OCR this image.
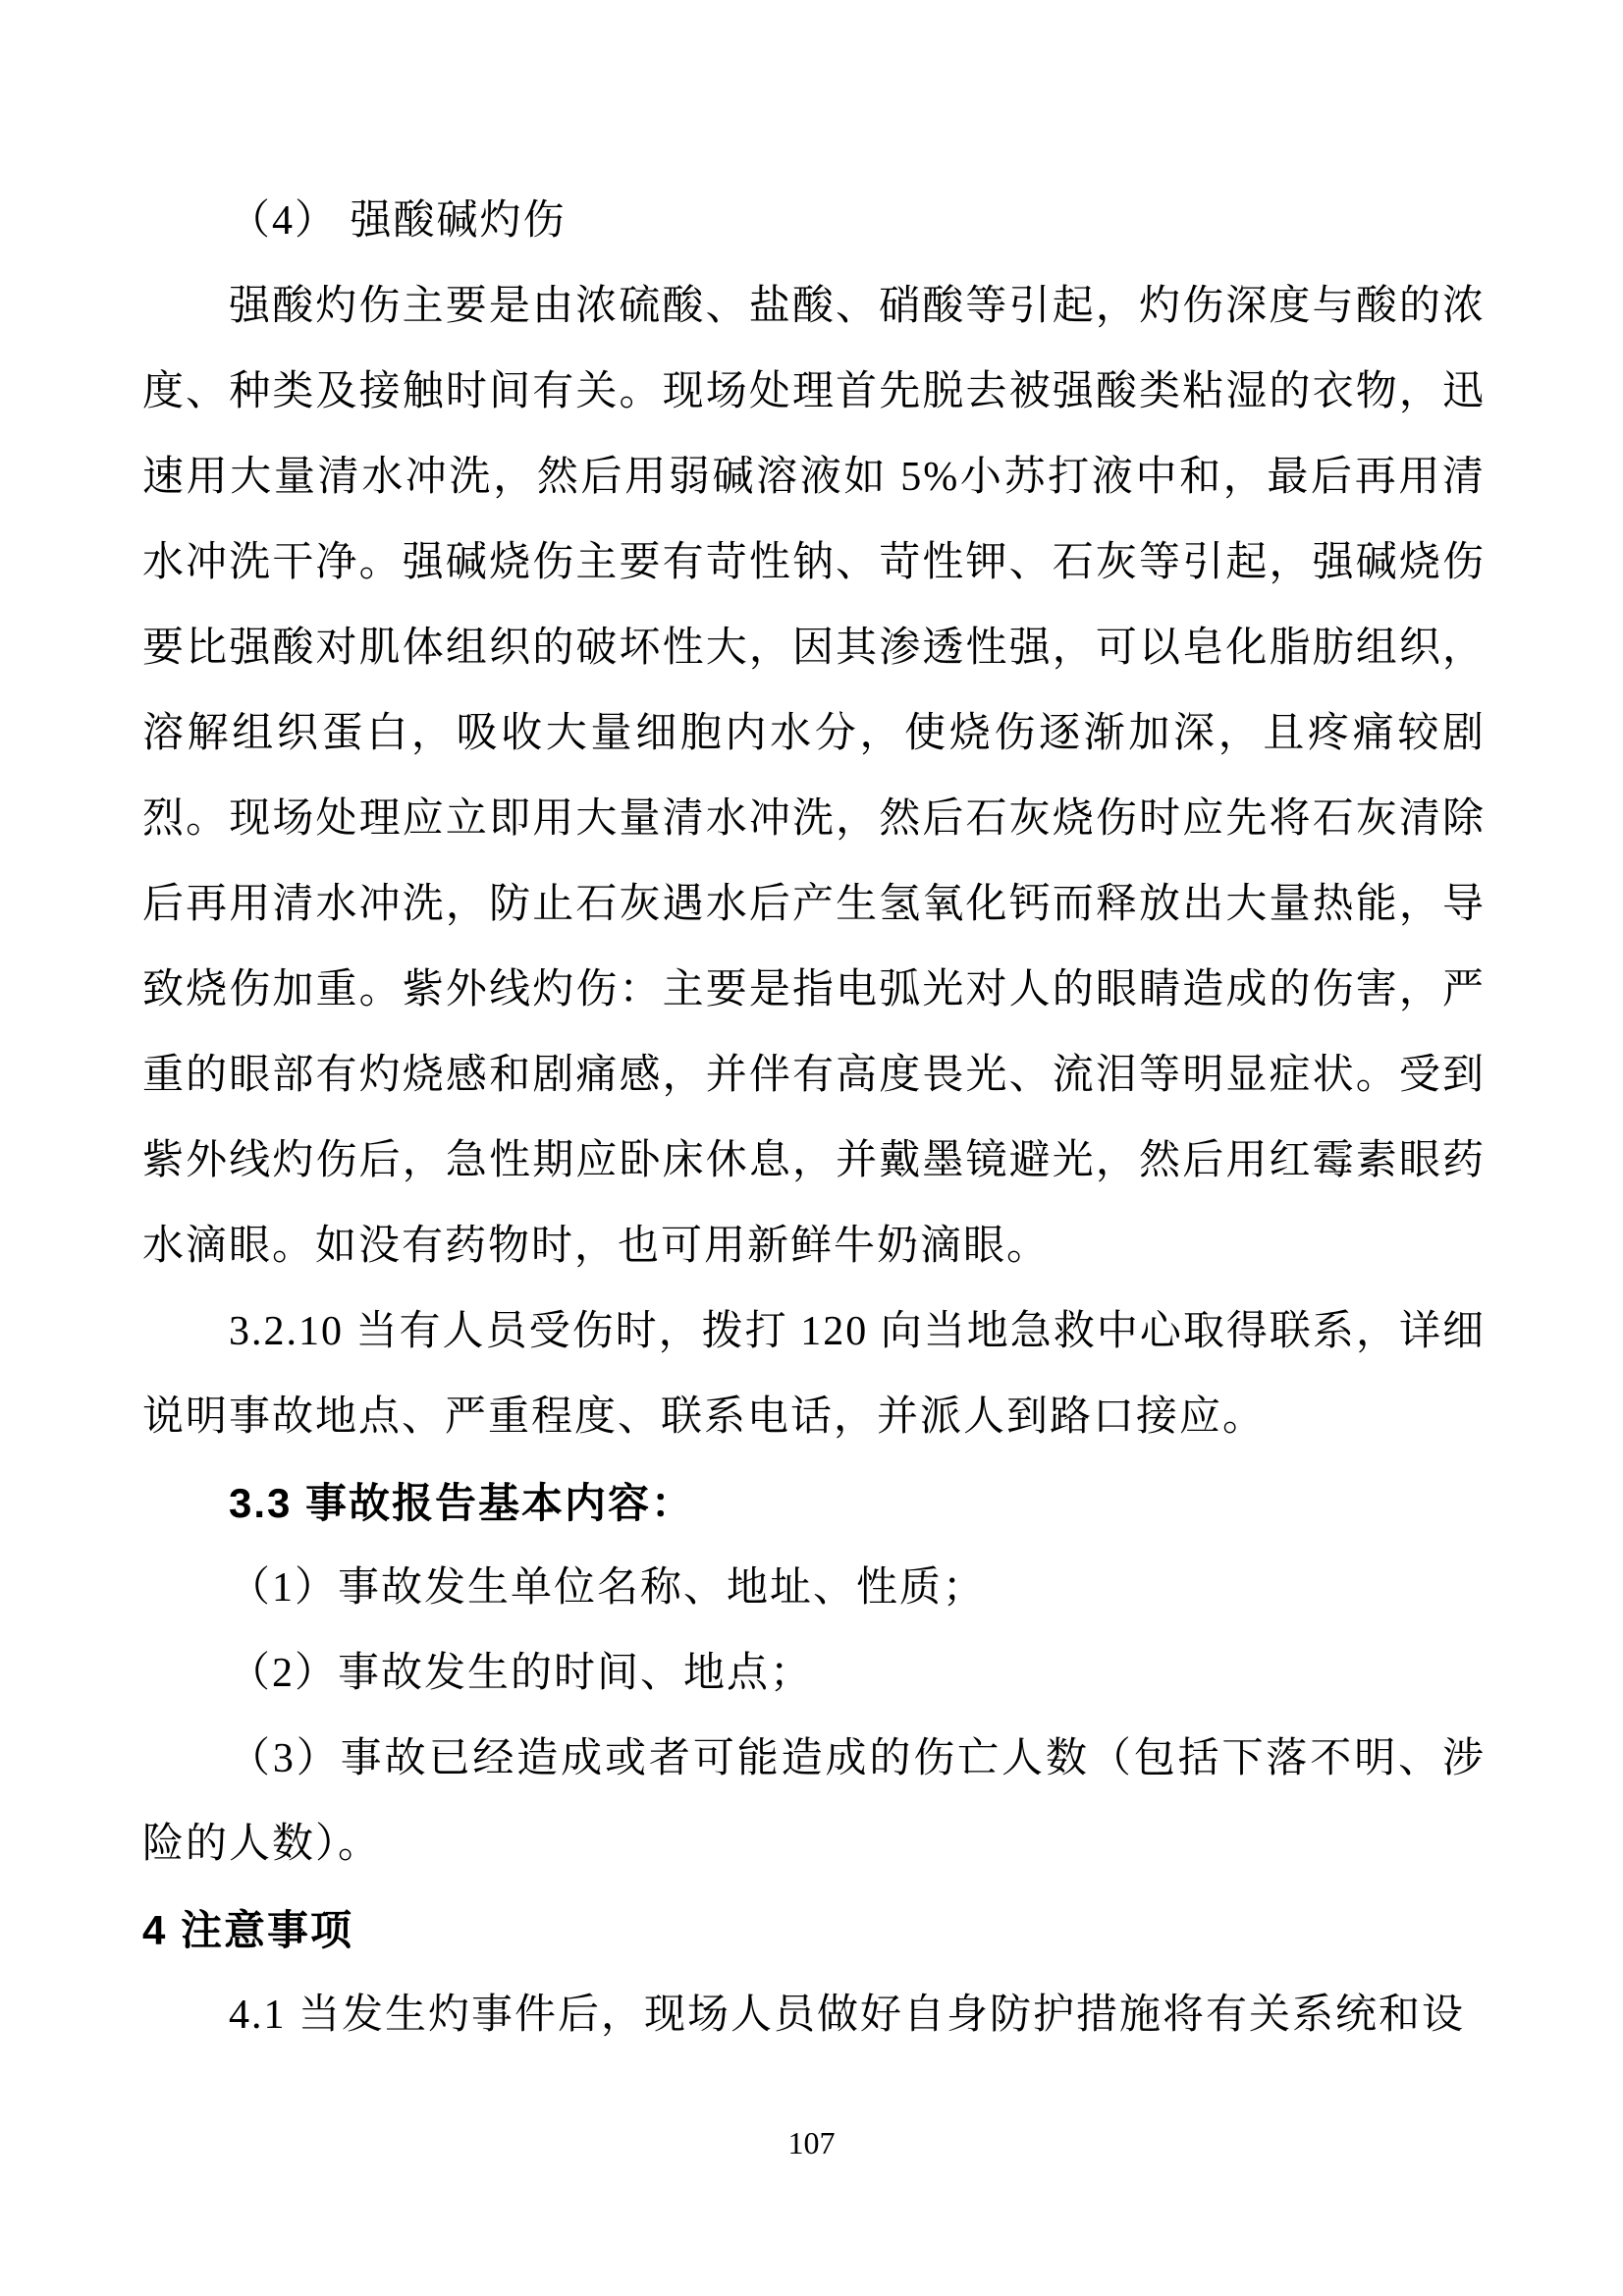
（4） 强酸碱灼伤

强酸灼伤主要是由浓硫酸、盐酸、硝酸等引起，灼伤深度与酸的浓度、种类及接触时间有关。现场处理首先脱去被强酸类粘湿的衣物，迅速用大量清水冲洗，然后用弱碱溶液如 5%小苏打液中和，最后再用清水冲洗干净。强碱烧伤主要有苛性钠、苛性钾、石灰等引起，强碱烧伤要比强酸对肌体组织的破坏性大，因其渗透性强，可以皂化脂肪组织，溶解组织蛋白，吸收大量细胞内水分，使烧伤逐渐加深，且疼痛较剧烈。现场处理应立即用大量清水冲洗，然后石灰烧伤时应先将石灰清除后再用清水冲洗，防止石灰遇水后产生氢氧化钙而释放出大量热能，导致烧伤加重。紫外线灼伤：主要是指电弧光对人的眼睛造成的伤害，严重的眼部有灼烧感和剧痛感，并伴有高度畏光、流泪等明显症状。受到紫外线灼伤后，急性期应卧床休息，并戴墨镜避光，然后用红霉素眼药水滴眼。如没有药物时，也可用新鲜牛奶滴眼。

3.2.10 当有人员受伤时，拨打 120 向当地急救中心取得联系，详细说明事故地点、严重程度、联系电话，并派人到路口接应。

3.3 事故报告基本内容：

（1）事故发生单位名称、地址、性质；

（2）事故发生的时间、地点；

（3）事故已经造成或者可能造成的伤亡人数（包括下落不明、涉险的人数）。

4 注意事项

4.1 当发生灼事件后，现场人员做好自身防护措施将有关系统和设

107
